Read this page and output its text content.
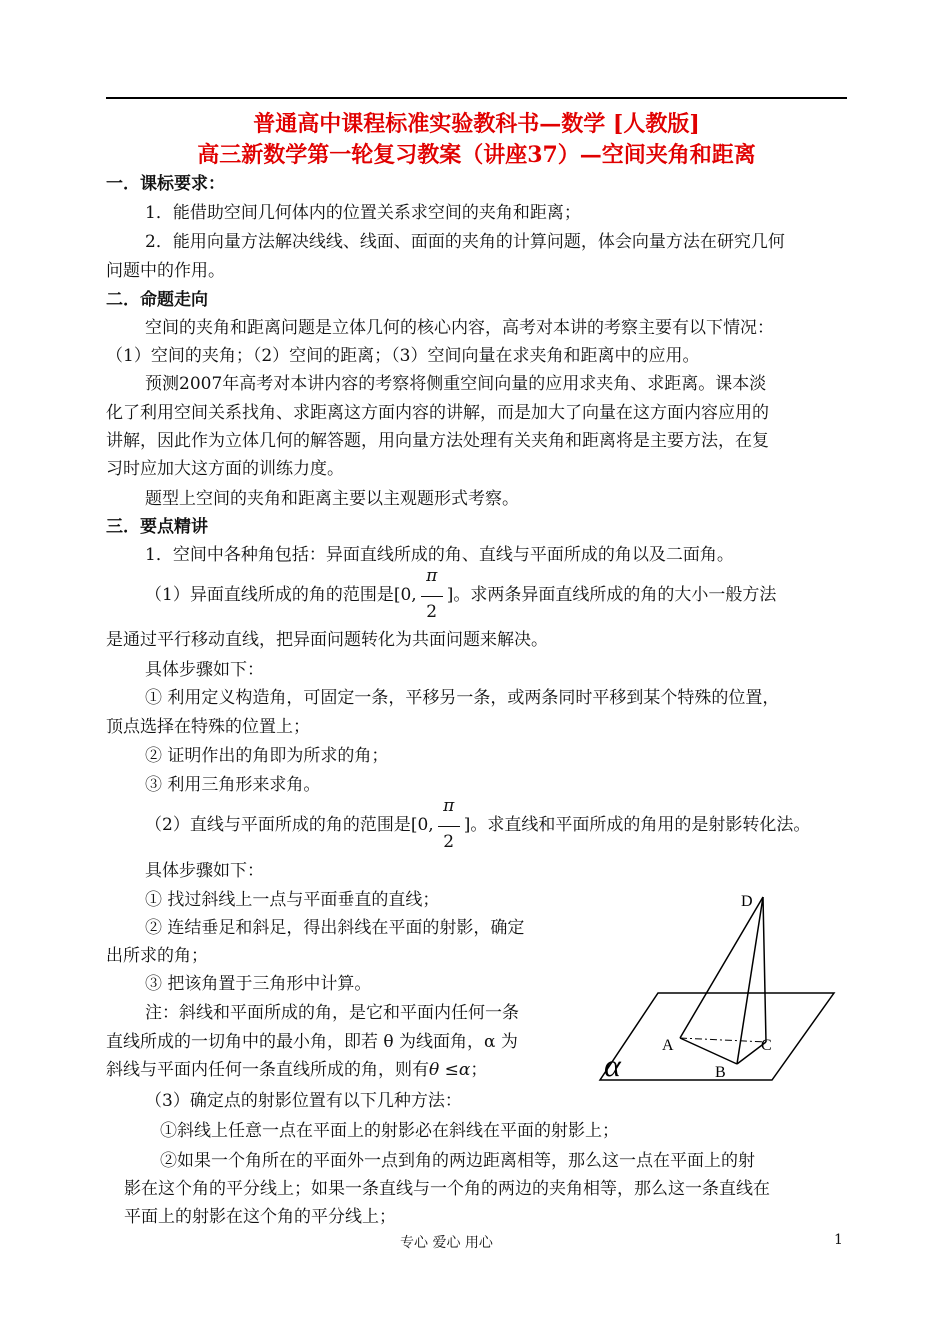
普通高中课程标准实验教科书—数学 [人教版]
高三新数学第一轮复习教案（讲座37）—空间夹角和距离
一．课标要求：
1．能借助空间几何体内的位置关系求空间的夹角和距离；
2．能用向量方法解决线线、线面、面面的夹角的计算问题，体会向量方法在研究几何
问题中的作用。
二．命题走向
空间的夹角和距离问题是立体几何的核心内容，高考对本讲的考察主要有以下情况：
（1）空间的夹角；（2）空间的距离；（3）空间向量在求夹角和距离中的应用。
预测2007年高考对本讲内容的考察将侧重空间向量的应用求夹角、求距离。课本淡
化了利用空间关系找角、求距离这方面内容的讲解，而是加大了向量在这方面内容应用的
讲解，因此作为立体几何的解答题，用向量方法处理有关夹角和距离将是主要方法，在复
习时应加大这方面的训练力度。
题型上空间的夹角和距离主要以主观题形式考察。
三．要点精讲
1．空间中各种角包括：异面直线所成的角、直线与平面所成的角以及二面角。
（1）异面直线所成的角的范围是[0, $\frac{\pi}{2}$ ]。求两条异面直线所成的角的大小一般方法
是通过平行移动直线，把异面问题转化为共面问题来解决。
具体步骤如下：
① 利用定义构造角，可固定一条，平移另一条，或两条同时平移到某个特殊的位置，
顶点选择在特殊的位置上；
② 证明作出的角即为所求的角；
③ 利用三角形来求角。
（2）直线与平面所成的角的范围是[0, $\frac{\pi}{2}$ ]。求直线和平面所成的角用的是射影转化法。
具体步骤如下：
① 找过斜线上一点与平面垂直的直线；
② 连结垂足和斜足，得出斜线在平面的射影，确定
出所求的角；
③ 把该角置于三角形中计算。
注：斜线和平面所成的角，是它和平面内任何一条
直线所成的一切角中的最小角，即若 θ 为线面角，α 为
斜线与平面内任何一条直线所成的角，则有θ ≤α；
（3）确定点的射影位置有以下几种方法：
①斜线上任意一点在平面上的射影必在斜线在平面的射影上；
②如果一个角所在的平面外一点到角的两边距离相等，那么这一点在平面上的射
影在这个角的平分线上；如果一条直线与一个角的两边的夹角相等，那么这一条直线在
平面上的射影在这个角的平分线上；
D
A
B
C
α
专心 爱心 用心	1
